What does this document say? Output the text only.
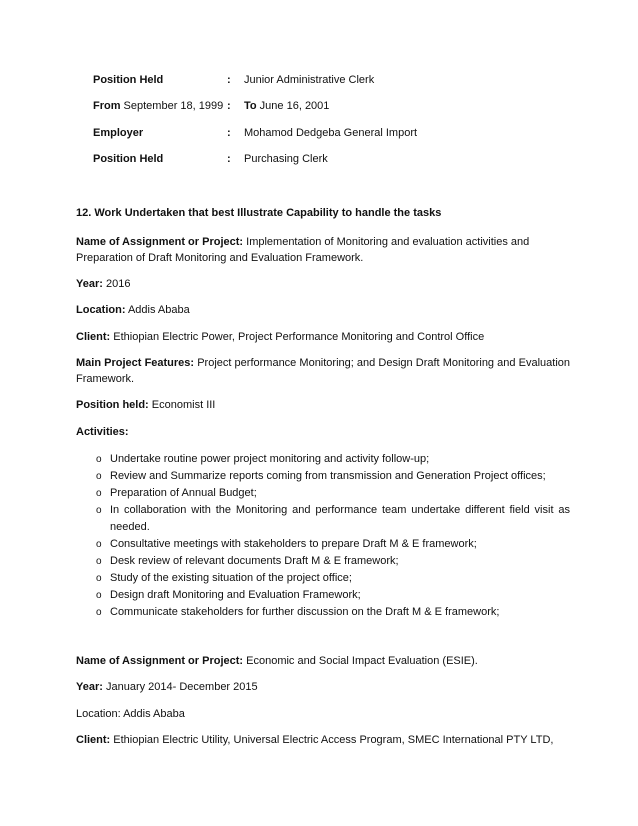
Position Held	: Junior Administrative Clerk
From September 18, 1999 : To June 16, 2001
Employer	: Mohamod Dedgeba General Import
Position Held	: Purchasing Clerk
12. Work Undertaken that best Illustrate Capability to handle the tasks
Name of Assignment or Project: Implementation of Monitoring and evaluation activities and Preparation of Draft Monitoring and Evaluation Framework.
Year: 2016
Location: Addis Ababa
Client: Ethiopian Electric Power, Project Performance Monitoring and Control Office
Main Project Features: Project performance Monitoring; and Design Draft Monitoring and Evaluation Framework.
Position held: Economist III
Activities:
o Undertake routine power project monitoring and activity follow-up;
o Review and Summarize reports coming from transmission and Generation Project offices;
o Preparation of Annual Budget;
o In collaboration with the Monitoring and performance team undertake different field visit as needed.
o Consultative meetings with stakeholders to prepare Draft M & E framework;
o Desk review of relevant documents Draft M & E framework;
o Study of the existing situation of the project office;
o Design draft Monitoring and Evaluation Framework;
o Communicate stakeholders for further discussion on the Draft M & E framework;
Name of Assignment or Project: Economic and Social Impact Evaluation (ESIE).
Year: January 2014- December 2015
Location: Addis Ababa
Client: Ethiopian Electric Utility, Universal Electric Access Program, SMEC International PTY LTD,
